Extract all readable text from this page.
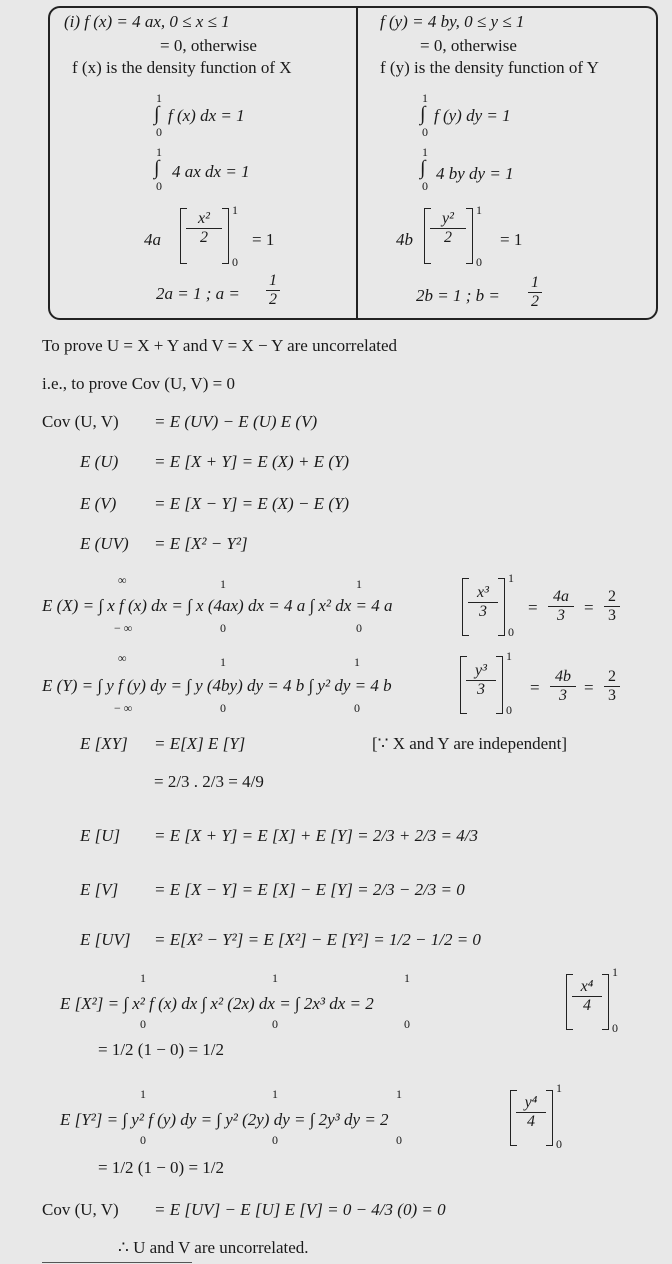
(i) f (x) = 4 ax, 0 ≤ x ≤ 1
= 0, otherwise
f (x) is the density function of X
1
∫
0
f (x) dx = 1
1
∫
0
4 ax dx = 1
$4a \frac{\text{x²}}{2} 1$
0
= 1
2a = 1 ; $a = \frac{1}{2}$
f (y) = 4 by, 0 ≤ y ≤ 1
= 0, otherwise
f (y) is the density function of Y
1
∫
0
f (y) dy = 1
1
∫
0
4 by dy = 1
$4b \frac{\text{y²}}{2} 1$
0
= 1
2b = 1 ; $b = \frac{1}{2}$
To prove U = X + Y and V = X − Y are uncorrelated
i.e., to prove Cov (U, V) = 0
Cov (U, V) = E (UV) − E (U) E (V)
E (U) = E [X + Y] = E (X) + E (Y)
E (V) = E [X − Y] = E (X) − E (Y)
E (UV) = E [X² − Y²]
∞
E (X) = ∫ x f (x) dx = ∫ x (4ax) dx = 4 a ∫ x² dx = 4 a
− ∞
1
0
1
0
$\frac{\text{x³}}{3}$
1
0
= $\frac{4a}{3} = \frac{2}{3}$
∞
E (Y) = ∫ y f (y) dy = ∫ y (4by) dy = 4 b ∫ y² dy = 4 b
− ∞
1
0
1
0
$\frac{\text{y³}}{3}$
1
0
= $\frac{4b}{3} = \frac{2}{3}$
E [XY] = E[X] E [Y]	[∵ X and Y are independent]
= 2/3 . 2/3 = 4/9
E [U] = E [X + Y] = E [X] + E [Y] = 2/3 + 2/3 = 4/3
E [V] = E [X − Y] = E [X] − E [Y] = 2/3 − 2/3 = 0
E [UV] = E[X² − Y²] = E [X²] − E [Y²] = 1/2 − 1/2 = 0
1
0
1
0
1
0
E [X²] = ∫ x² f (x) dx ∫ x² (2x) dx = ∫ 2x³ dx = 2	$\frac{\text{x⁴}}{4}$
1
0
= 1/2 (1 − 0) = 1/2
1
0
1
0
1
0
E [Y²] = ∫ y² f (y) dy = ∫ y² (2y) dy = ∫ 2y³ dy = 2	$\frac{\text{y⁴}}{4}$
1
0
= 1/2 (1 − 0) = 1/2
Cov (U, V) = E [UV] − E [U] E [V] = 0 − 4/3 (0) = 0
∴ U and V are uncorrelated.
